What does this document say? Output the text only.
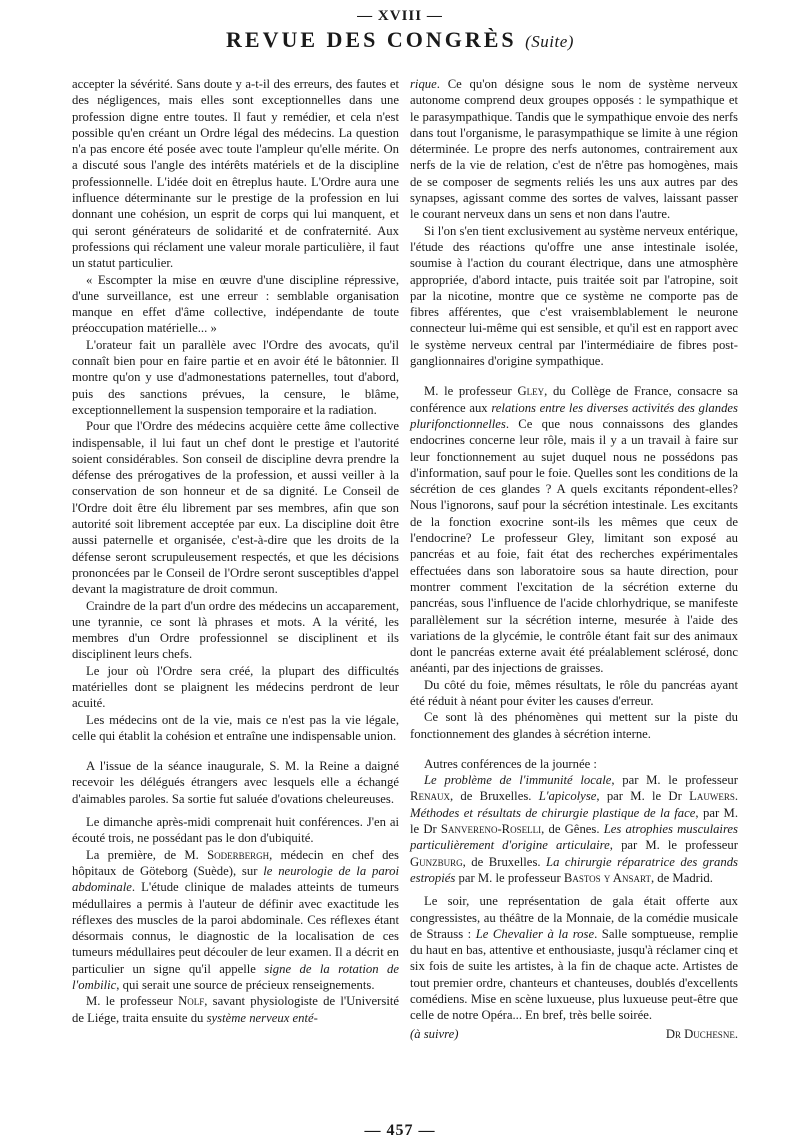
— XVIII —
REVUE DES CONGRÈS (Suite)

accepter la sévérité. Sans doute y a-t-il des erreurs, des fautes et des négligences, mais elles sont exceptionnelles dans une profession digne entre toutes. Il faut y remédier, et cela n'est possible qu'en créant un Ordre légal des médecins. La question n'a pas encore été posée avec toute l'ampleur qu'elle mérite. On a discuté sous l'angle des intérêts matériels et de la discipline professionnelle. L'idée doit en êtreplus haute. L'Ordre aura une influence déterminante sur le prestige de la profession en lui donnant une cohésion, un esprit de corps qui lui manquent, et qui seront générateurs de solidarité et de confraternité. Aux professions qui réclament une valeur morale particulière, il faut un statut particulier.

« Escompter la mise en œuvre d'une discipline répressive, d'une surveillance, est une erreur : semblable organisation manque en effet d'âme collective, indépendante de toute préoccupation matérielle... »

L'orateur fait un parallèle avec l'Ordre des avocats, qu'il connaît bien pour en faire partie et en avoir été le bâtonnier. Il montre qu'on y use d'admonestations paternelles, tout d'abord, puis des sanctions prévues, la censure, le blâme, exceptionnellement la suspension temporaire et la radiation.

Pour que l'Ordre des médecins acquière cette âme collective indispensable, il lui faut un chef dont le prestige et l'autorité soient considérables. Son conseil de discipline devra prendre la défense des prérogatives de la profession, et aussi veiller à la conservation de son honneur et de sa dignité. Le Conseil de l'Ordre doit être élu librement par ses membres, afin que son autorité soit librement acceptée par eux. La discipline doit être aussi paternelle et organisée, c'est-à-dire que les droits de la défense seront scrupuleusement respectés, et que les décisions prononcées par le Conseil de l'Ordre seront susceptibles d'appel devant la magistrature de droit commun.

Craindre de la part d'un ordre des médecins un accaparement, une tyrannie, ce sont là phrases et mots. A la vérité, les membres d'un Ordre professionnel se disciplinent et ils disciplinent leurs chefs.

Le jour où l'Ordre sera créé, la plupart des difficultés matérielles dont se plaignent les médecins perdront de leur acuité.

Les médecins ont de la vie, mais ce n'est pas la vie légale, celle qui établit la cohésion et entraîne une indispensable union.

A l'issue de la séance inaugurale, S. M. la Reine a daigné recevoir les délégués étrangers avec lesquels elle a échangé d'aimables paroles. Sa sortie fut saluée d'ovations cheleureuses.

Le dimanche après-midi comprenait huit conférences. J'en ai écouté trois, ne possédant pas le don d'ubiquité.

La première, de M. Soderbergh, médecin en chef des hôpitaux de Göteborg (Suède), sur le neurologie de la paroi abdominale. L'étude clinique de malades atteints de tumeurs médullaires a permis à l'auteur de définir avec exactitude les réflexes des muscles de la paroi abdominale. Ces réflexes étant désormais connus, le diagnostic de la localisation de ces tumeurs médullaires peut découler de leur examen. Il a décrit en particulier un signe qu'il appelle signe de la rotation de l'ombilic, qui serait une source de précieux renseignements.

M. le professeur Nolf, savant physiologiste de l'Université de Liége, traita ensuite du système nerveux enté-

rique. Ce qu'on désigne sous le nom de système nerveux autonome comprend deux groupes opposés : le sympathique et le parasympathique. Tandis que le sympathique envoie des nerfs dans tout l'organisme, le parasympathique se limite à une région déterminée. Le propre des nerfs autonomes, contrairement aux nerfs de la vie de relation, c'est de n'être pas homogènes, mais de se composer de segments reliés les uns aux autres par des synapses, agissant comme des sortes de valves, laissant passer le courant nerveux dans un sens et non dans l'autre.

Si l'on s'en tient exclusivement au système nerveux entérique, l'étude des réactions qu'offre une anse intestinale isolée, soumise à l'action du courant électrique, dans une atmosphère appropriée, d'abord intacte, puis traitée soit par l'atropine, soit par la nicotine, montre que ce système ne comporte pas de fibres afférentes, que c'est vraisemblablement le neurone connecteur lui-même qui est sensible, et qu'il est en rapport avec le système nerveux central par l'intermédiaire de fibres post-ganglionnaires d'origine sympathique.

M. le professeur Gley, du Collège de France, consacre sa conférence aux relations entre les diverses activités des glandes plurifonctionnelles. Ce que nous connaissons des glandes endocrines concerne leur rôle, mais il y a un travail à faire sur leur fonctionnement au sujet duquel nous ne possédons pas d'information, sauf pour le foie. Quelles sont les conditions de la sécrétion de ces glandes ? A quels excitants répondent-elles? Nous l'ignorons, sauf pour la sécrétion intestinale. Les excitants de la fonction exocrine sont-ils les mêmes que ceux de l'endocrine? Le professeur Gley, limitant son exposé au pancréas et au foie, fait état des recherches expérimentales effectuées dans son laboratoire sous sa haute direction, pour montrer comment l'excitation de la sécrétion externe du pancréas, sous l'influence de l'acide chlorhydrique, se manifeste parallèlement sur la sécrétion interne, mesurée à l'aide des variations de la glycémie, le contrôle étant fait sur des animaux dont le pancréas externe avait été préalablement sclérosé, donc anéanti, par des injections de graisses.

Du côté du foie, mêmes résultats, le rôle du pancréas ayant été réduit à néant pour éviter les causes d'erreur.

Ce sont là des phénomènes qui mettent sur la piste du fonctionnement des glandes à sécrétion interne.

Autres conférences de la journée :

Le problème de l'immunité locale, par M. le professeur Renaux, de Bruxelles. L'apicolyse, par M. le Dr Lauwers. Méthodes et résultats de chirurgie plastique de la face, par M. le Dr Sanvereno-Roselli, de Gênes. Les atrophies musculaires particulièrement d'origine articulaire, par M. le professeur Gunzburg, de Bruxelles. La chirurgie réparatrice des grands estropiés par M. le professeur Bastos y Ansart, de Madrid.

Le soir, une représentation de gala était offerte aux congressistes, au théâtre de la Monnaie, de la comédie musicale de Strauss : Le Chevalier à la rose. Salle somptueuse, remplie du haut en bas, attentive et enthousiaste, jusqu'à réclamer cinq et six fois de suite les artistes, à la fin de chaque acte. Artistes de tout premier ordre, chanteurs et chanteuses, doublés d'excellents comédiens. Mise en scène luxueuse, plus luxueuse peut-être que celle de notre Opéra... En bref, très belle soirée.

(à suivre)	Dr Duchesne.
— 457 —
